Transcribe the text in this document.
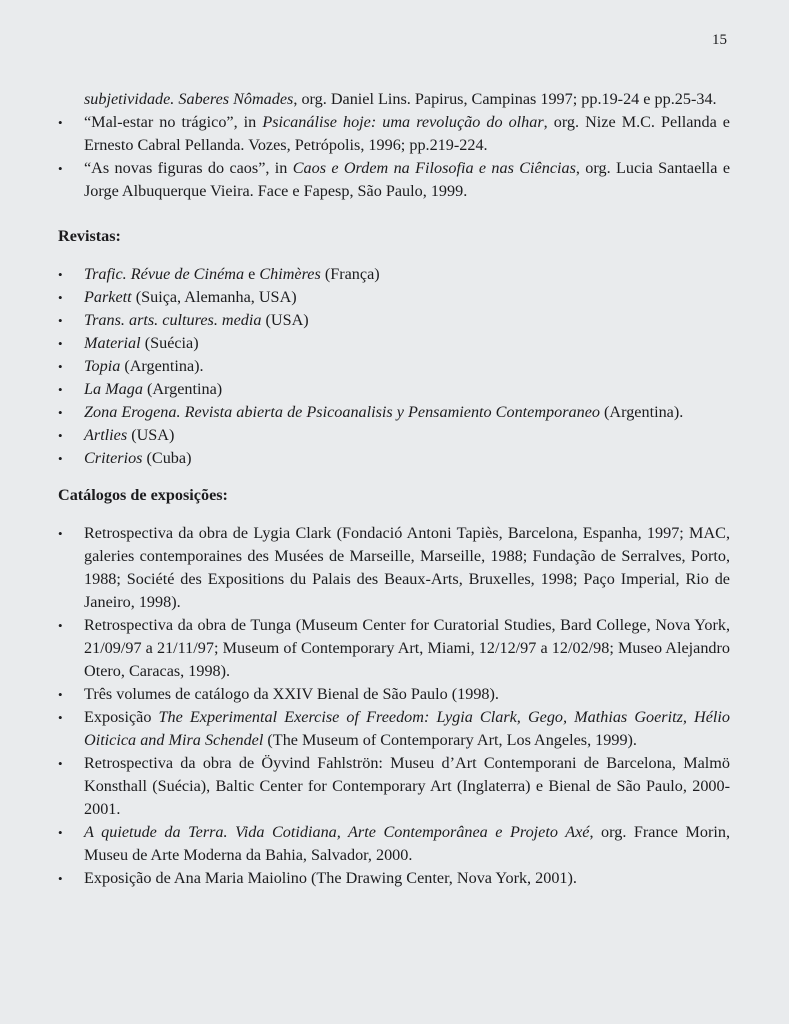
15
subjetividade. Saberes Nômades, org. Daniel Lins. Papirus, Campinas 1997; pp.19-24 e pp.25-34.
• “Mal-estar no trágico”, in Psicanálise hoje: uma revolução do olhar, org. Nize M.C. Pellanda e Ernesto Cabral Pellanda. Vozes, Petrópolis, 1996; pp.219-224.
• “As novas figuras do caos”, in Caos e Ordem na Filosofia e nas Ciências, org. Lucia Santaella e Jorge Albuquerque Vieira. Face e Fapesp, São Paulo, 1999.
Revistas:
• Trafic. Révue de Cinéma e Chimères (França)
• Parkett (Suiça, Alemanha, USA)
• Trans. arts. cultures. media (USA)
• Material (Suécia)
• Topia (Argentina).
• La Maga (Argentina)
• Zona Erogena. Revista abierta de Psicoanalisis y Pensamiento Contemporaneo (Argentina).
• Artlies (USA)
• Criterios (Cuba)
Catálogos de exposições:
• Retrospectiva da obra de Lygia Clark (Fondació Antoni Tapiès, Barcelona, Espanha, 1997; MAC, galeries contemporaines des Musées de Marseille, Marseille, 1988; Fundação de Serralves, Porto, 1988; Société des Expositions du Palais des Beaux-Arts, Bruxelles, 1998; Paço Imperial, Rio de Janeiro, 1998).
• Retrospectiva da obra de Tunga (Museum Center for Curatorial Studies, Bard College, Nova York, 21/09/97 a 21/11/97; Museum of Contemporary Art, Miami, 12/12/97 a 12/02/98; Museo Alejandro Otero, Caracas, 1998).
• Três volumes de catálogo da XXIV Bienal de São Paulo (1998).
• Exposição The Experimental Exercise of Freedom: Lygia Clark, Gego, Mathias Goeritz, Hélio Oiticica and Mira Schendel (The Museum of Contemporary Art, Los Angeles, 1999).
• Retrospectiva da obra de Öyvind Fahlströn: Museu d’Art Contemporani de Barcelona, Malmö Konsthall (Suécia), Baltic Center for Contemporary Art (Inglaterra) e Bienal de São Paulo, 2000-2001.
• A quietude da Terra. Vida Cotidiana, Arte Contemporânea e Projeto Axé, org. France Morin, Museu de Arte Moderna da Bahia, Salvador, 2000.
• Exposição de Ana Maria Maiolino (The Drawing Center, Nova York, 2001).
